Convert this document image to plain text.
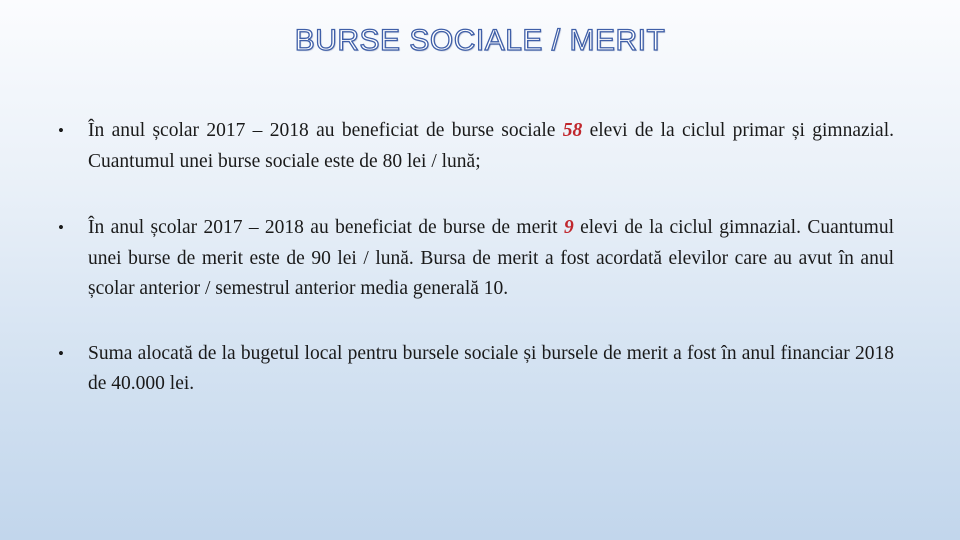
BURSE SOCIALE / MERIT
• În anul școlar 2017 – 2018 au beneficiat de burse sociale 58 elevi de la ciclul primar și gimnazial. Cuantumul unei burse sociale este de 80 lei / lună;
• În anul școlar 2017 – 2018 au beneficiat de burse de merit 9 elevi de la ciclul gimnazial. Cuantumul unei burse de merit este de 90 lei / lună. Bursa de merit a fost acordată elevilor care au avut în anul școlar anterior / semestrul anterior media generală 10.
• Suma alocată de la bugetul local pentru bursele sociale și bursele de merit a fost în anul financiar 2018 de 40.000 lei.
